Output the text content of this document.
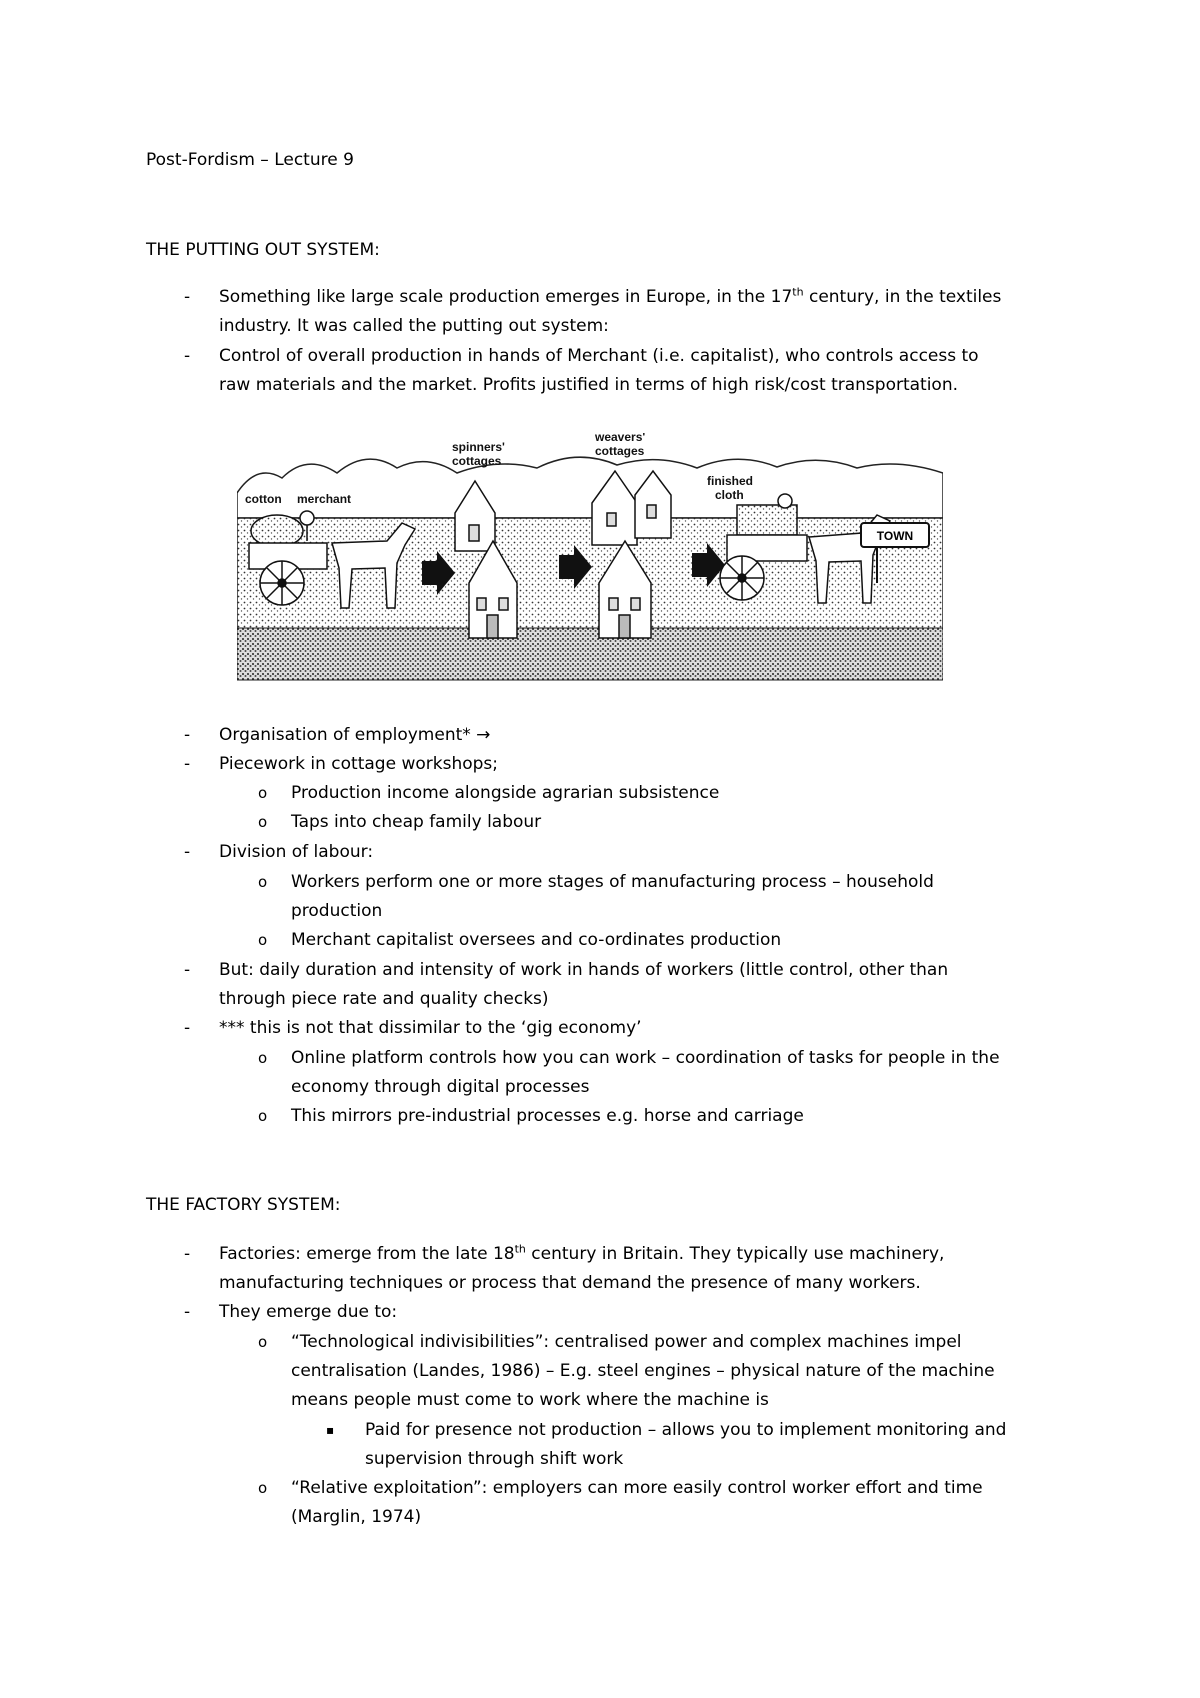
Post-Fordism – Lecture 9
THE PUTTING OUT SYSTEM:
- Something like large scale production emerges in Europe, in the 17th century, in the textiles
industry. It was called the putting out system:
- Control of overall production in hands of Merchant (i.e. capitalist), who controls access to
raw materials and the market. Profits justified in terms of high risk/cost transportation.
TOWN
cotton merchant
spinners'
cottages
weavers'
cottages
finished
cloth
- Organisation of employment* →
- Piecework in cottage workshops;
o Production income alongside agrarian subsistence
o Taps into cheap family labour
- Division of labour:
o Workers perform one or more stages of manufacturing process – household
production
o Merchant capitalist oversees and co-ordinates production
- But: daily duration and intensity of work in hands of workers (little control, other than
through piece rate and quality checks)
- *** this is not that dissimilar to the ‘gig economy’
o Online platform controls how you can work – coordination of tasks for people in the
economy through digital processes
o This mirrors pre-industrial processes e.g. horse and carriage
THE FACTORY SYSTEM:
- Factories: emerge from the late 18th century in Britain. They typically use machinery,
manufacturing techniques or process that demand the presence of many workers.
- They emerge due to:
o “Technological indivisibilities”: centralised power and complex machines impel
centralisation (Landes, 1986) – E.g. steel engines – physical nature of the machine
means people must come to work where the machine is
▪ Paid for presence not production – allows you to implement monitoring and
supervision through shift work
o “Relative exploitation”: employers can more easily control worker effort and time
(Marglin, 1974)
